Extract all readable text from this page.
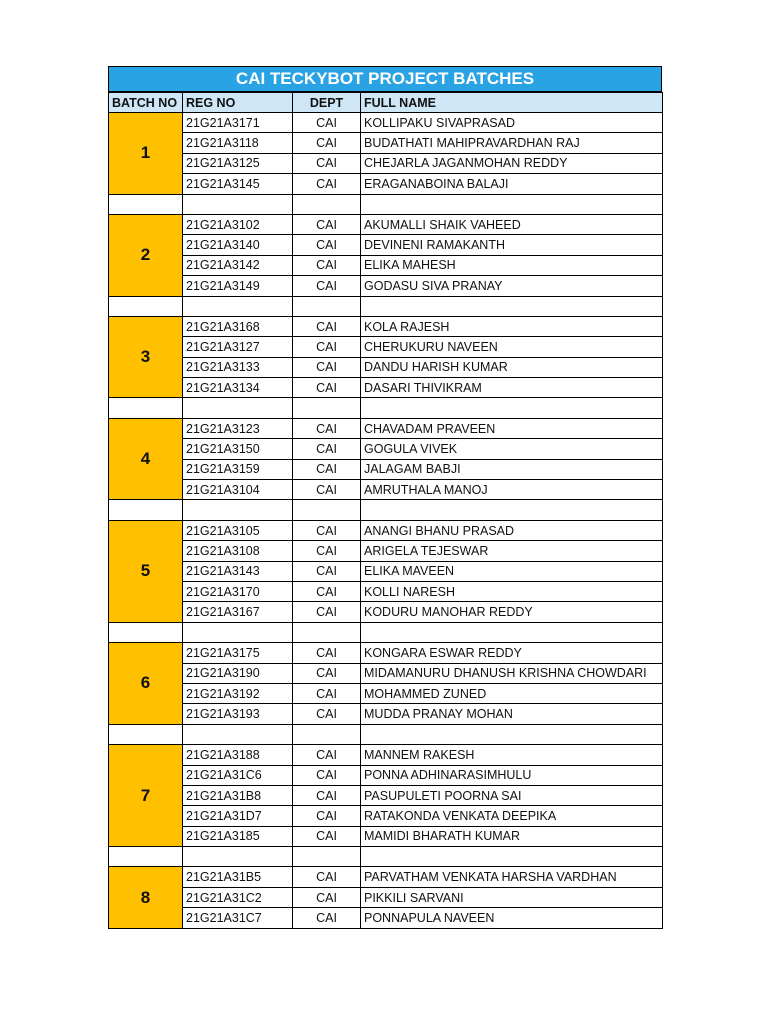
CAI TECKYBOT PROJECT BATCHES
BATCH NO	REG NO	DEPT	FULL NAME
1	21G21A3171	CAI	KOLLIPAKU SIVAPRASAD
	21G21A3118	CAI	BUDATHATI MAHIPRAVARDHAN RAJ
	21G21A3125	CAI	CHEJARLA JAGANMOHAN REDDY
	21G21A3145	CAI	ERAGANABOINA BALAJI

2	21G21A3102	CAI	AKUMALLI SHAIK VAHEED
	21G21A3140	CAI	DEVINENI RAMAKANTH
	21G21A3142	CAI	ELIKA MAHESH
	21G21A3149	CAI	GODASU SIVA PRANAY

3	21G21A3168	CAI	KOLA RAJESH
	21G21A3127	CAI	CHERUKURU NAVEEN
	21G21A3133	CAI	DANDU HARISH KUMAR
	21G21A3134	CAI	DASARI THIVIKRAM

4	21G21A3123	CAI	CHAVADAM PRAVEEN
	21G21A3150	CAI	GOGULA VIVEK
	21G21A3159	CAI	JALAGAM BABJI
	21G21A3104	CAI	AMRUTHALA MANOJ

5	21G21A3105	CAI	ANANGI BHANU PRASAD
	21G21A3108	CAI	ARIGELA TEJESWAR
	21G21A3143	CAI	ELIKA MAVEEN
	21G21A3170	CAI	KOLLI NARESH
	21G21A3167	CAI	KODURU MANOHAR REDDY

6	21G21A3175	CAI	KONGARA ESWAR REDDY
	21G21A3190	CAI	MIDAMANURU DHANUSH KRISHNA CHOWDARI
	21G21A3192	CAI	MOHAMMED ZUNED
	21G21A3193	CAI	MUDDA PRANAY MOHAN

7	21G21A3188	CAI	MANNEM RAKESH
	21G21A31C6	CAI	PONNA ADHINARASIMHULU
	21G21A31B8	CAI	PASUPULETI POORNA SAI
	21G21A31D7	CAI	RATAKONDA VENKATA DEEPIKA
	21G21A3185	CAI	MAMIDI BHARATH KUMAR

8	21G21A31B5	CAI	PARVATHAM VENKATA HARSHA VARDHAN
	21G21A31C2	CAI	PIKKILI SARVANI
	21G21A31C7	CAI	PONNAPULA NAVEEN
